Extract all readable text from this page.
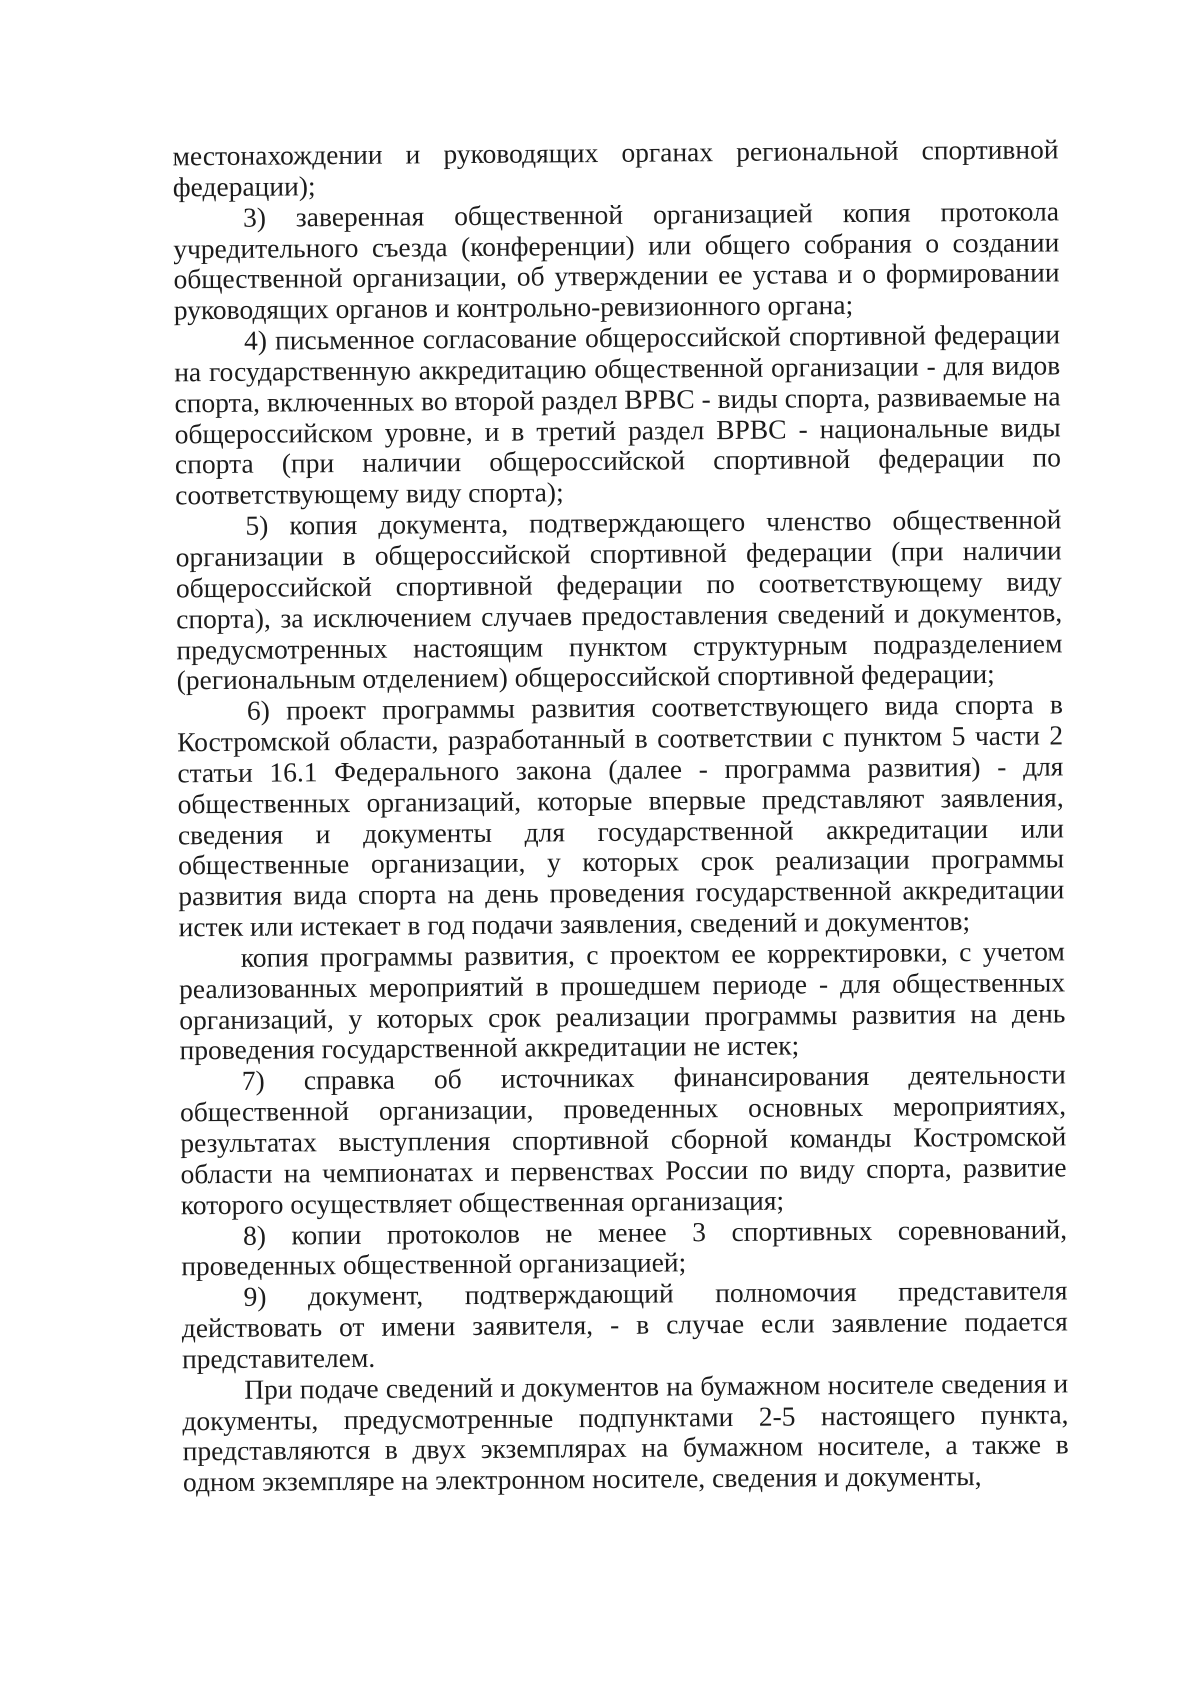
местонахождении и руководящих органах региональной спортивной федерации);

3) заверенная общественной организацией копия протокола учредительного съезда (конференции) или общего собрания о создании общественной организации, об утверждении ее устава и о формировании руководящих органов и контрольно-ревизионного органа;

4) письменное согласование общероссийской спортивной федерации на государственную аккредитацию общественной организации - для видов спорта, включенных во второй раздел ВРВС - виды спорта, развиваемые на общероссийском уровне, и в третий раздел ВРВС - национальные виды спорта (при наличии общероссийской спортивной федерации по соответствующему виду спорта);

5) копия документа, подтверждающего членство общественной организации в общероссийской спортивной федерации (при наличии общероссийской спортивной федерации по соответствующему виду спорта), за исключением случаев предоставления сведений и документов, предусмотренных настоящим пунктом структурным подразделением (региональным отделением) общероссийской спортивной федерации;

6) проект программы развития соответствующего вида спорта в Костромской области, разработанный в соответствии с пунктом 5 части 2 статьи 16.1 Федерального закона (далее - программа развития) - для общественных организаций, которые впервые представляют заявления, сведения и документы для государственной аккредитации или общественные организации, у которых срок реализации программы развития вида спорта на день проведения государственной аккредитации истек или истекает в год подачи заявления, сведений и документов;

копия программы развития, с проектом ее корректировки, с учетом реализованных мероприятий в прошедшем периоде - для общественных организаций, у которых срок реализации программы развития на день проведения государственной аккредитации не истек;

7) справка об источниках финансирования деятельности общественной организации, проведенных основных мероприятиях, результатах выступления спортивной сборной команды Костромской области на чемпионатах и первенствах России по виду спорта, развитие которого осуществляет общественная организация;

8) копии протоколов не менее 3 спортивных соревнований, проведенных общественной организацией;

9) документ, подтверждающий полномочия представителя действовать от имени заявителя, - в случае если заявление подается представителем.

При подаче сведений и документов на бумажном носителе сведения и документы, предусмотренные подпунктами 2-5 настоящего пункта, представляются в двух экземплярах на бумажном носителе, а также в одном экземпляре на электронном носителе, сведения и документы,
